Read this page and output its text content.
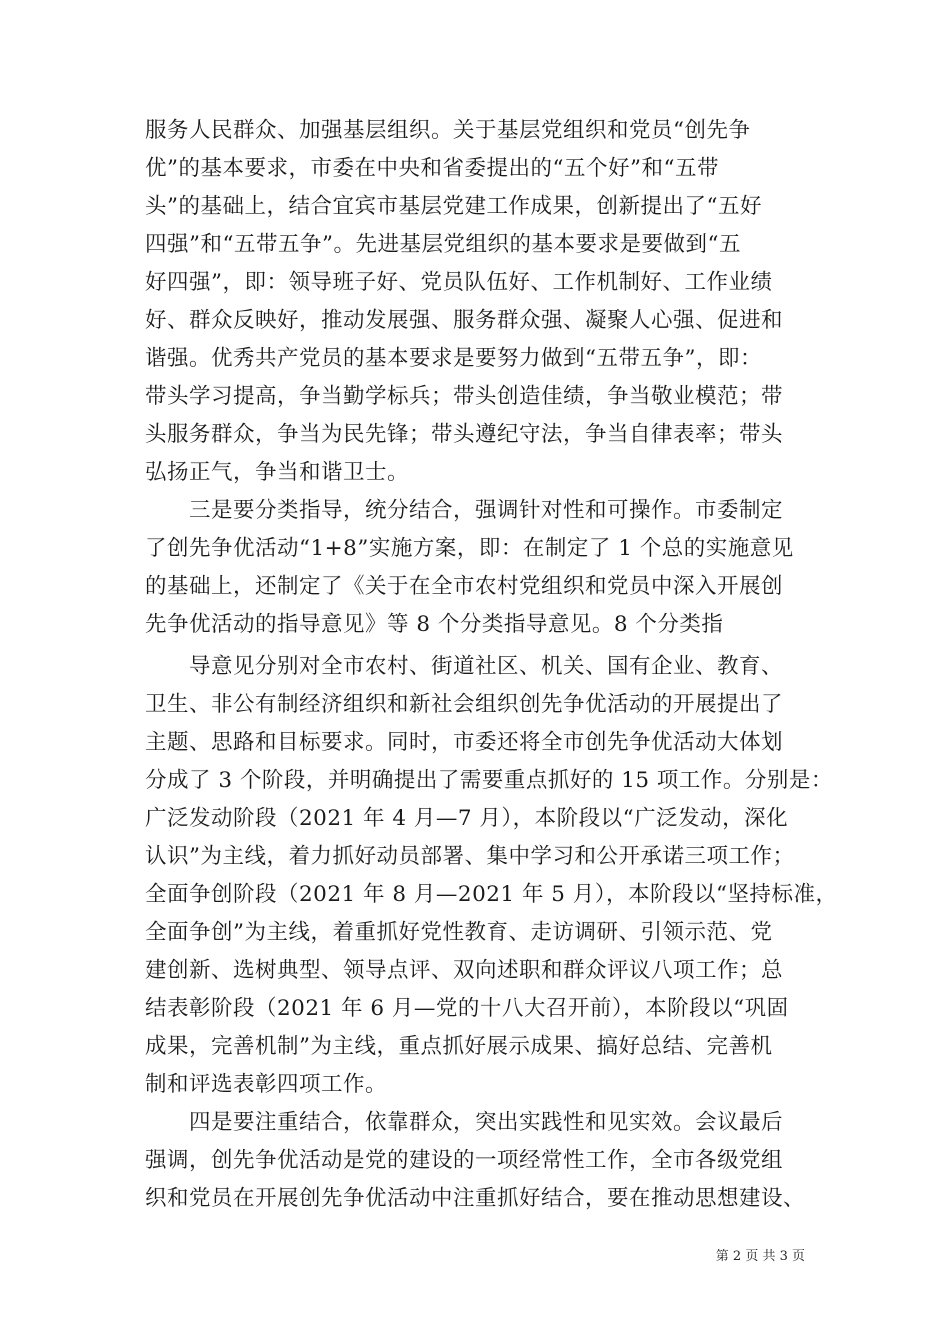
服务人民群众、加强基层组织。关于基层党组织和党员“创先争
优”的基本要求，市委在中央和省委提出的“五个好”和“五带
头”的基础上，结合宜宾市基层党建工作成果，创新提出了“五好
四强”和“五带五争”。先进基层党组织的基本要求是要做到“五
好四强”，即：领导班子好、党员队伍好、工作机制好、工作业绩
好、群众反映好，推动发展强、服务群众强、凝聚人心强、促进和
谐强。优秀共产党员的基本要求是要努力做到“五带五争”，即：
带头学习提高，争当勤学标兵；带头创造佳绩，争当敬业模范；带
头服务群众，争当为民先锋；带头遵纪守法，争当自律表率；带头
弘扬正气，争当和谐卫士。
　　三是要分类指导，统分结合，强调针对性和可操作。市委制定
了创先争优活动“1+8”实施方案，即：在制定了 1 个总的实施意见
的基础上，还制定了《关于在全市农村党组织和党员中深入开展创
先争优活动的指导意见》等 8 个分类指导意见。8 个分类指
　　导意见分别对全市农村、街道社区、机关、国有企业、教育、
卫生、非公有制经济组织和新社会组织创先争优活动的开展提出了
主题、思路和目标要求。同时，市委还将全市创先争优活动大体划
分成了 3 个阶段，并明确提出了需要重点抓好的 15 项工作。分别是：
广泛发动阶段（2021 年 4 月—7 月），本阶段以“广泛发动，深化
认识”为主线，着力抓好动员部署、集中学习和公开承诺三项工作；
全面争创阶段（2021 年 8 月—2021 年 5 月），本阶段以“坚持标准，
全面争创”为主线，着重抓好党性教育、走访调研、引领示范、党
建创新、选树典型、领导点评、双向述职和群众评议八项工作；总
结表彰阶段（2021 年 6 月—党的十八大召开前），本阶段以“巩固
成果，完善机制”为主线，重点抓好展示成果、搞好总结、完善机
制和评选表彰四项工作。
　　四是要注重结合，依靠群众，突出实践性和见实效。会议最后
强调，创先争优活动是党的建设的一项经常性工作，全市各级党组
织和党员在开展创先争优活动中注重抓好结合，要在推动思想建设、
第 2 页 共 3 页
